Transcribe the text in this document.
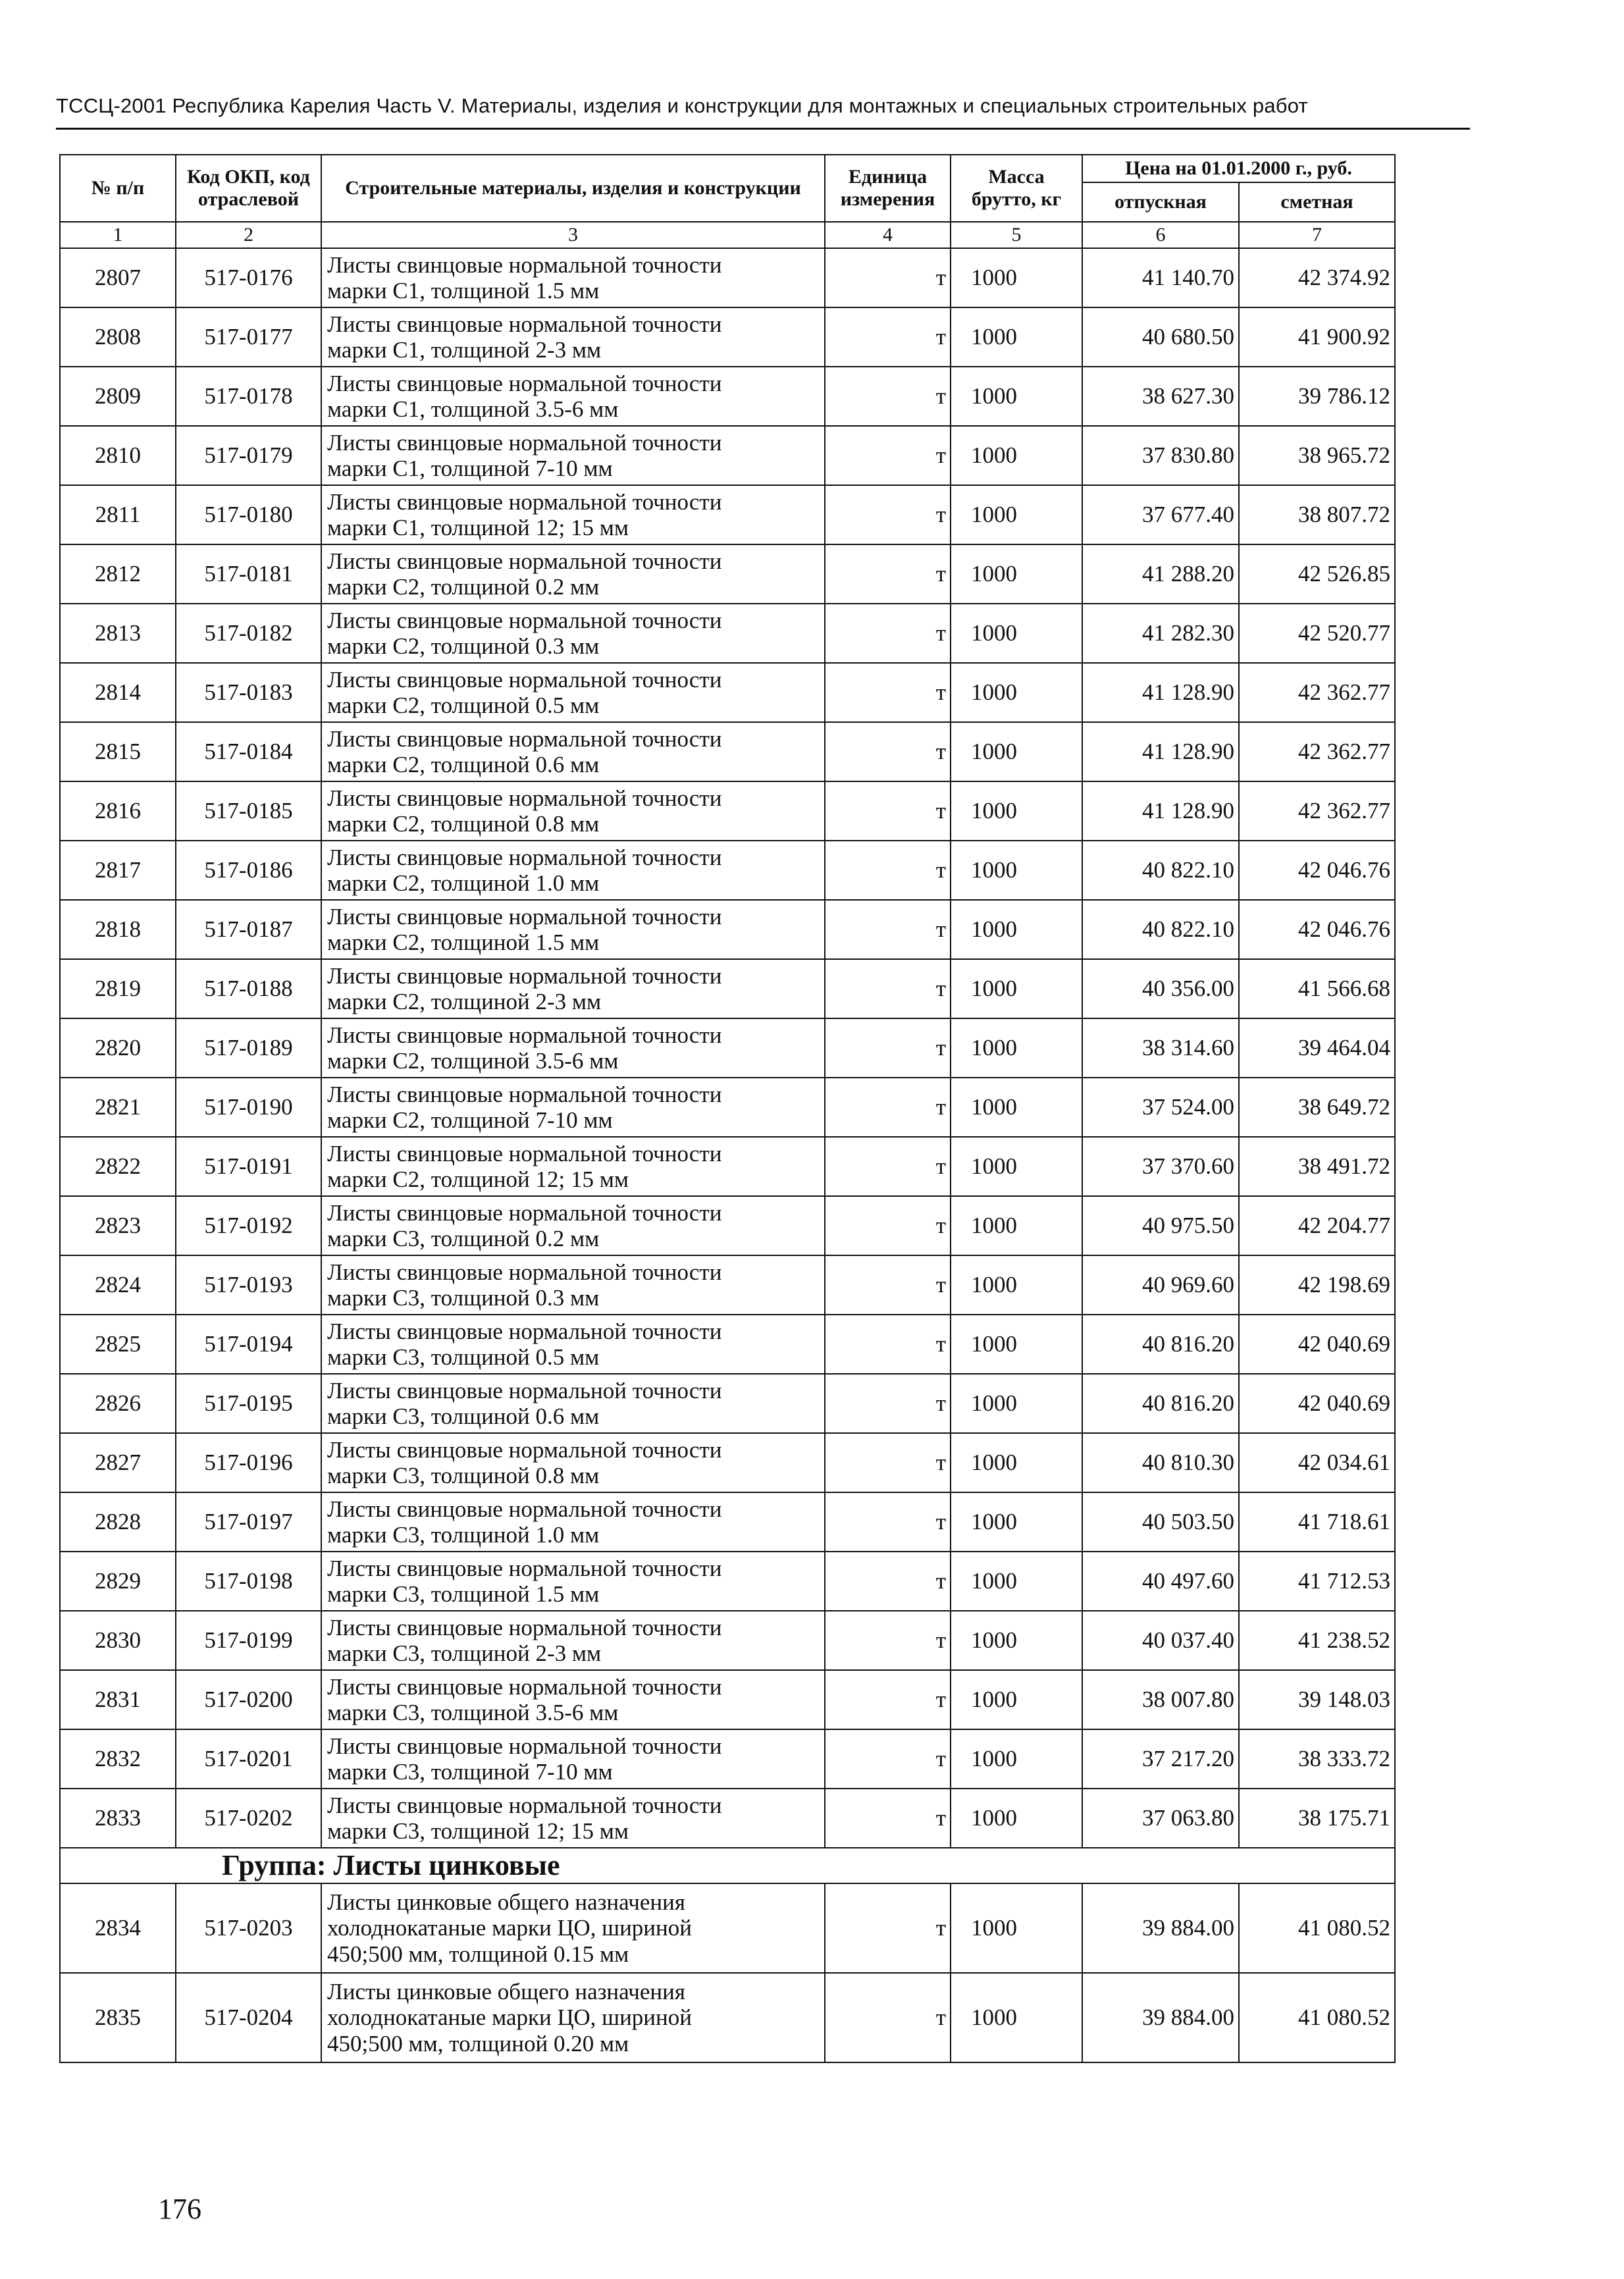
ТССЦ-2001 Республика Карелия Часть V. Материалы, изделия и конструкции для монтажных и специальных строительных работ
№ п/п	Код ОКП, код отраслевой	Строительные материалы, изделия и конструкции	Единица измерения	Масса брутто, кг	Цена на 01.01.2000 г., руб.	
					отпускная	сметная
1	2	3	4	5	6	7
2807	517-0176	Листы свинцовые нормальной точности
марки С1, толщиной 1.5 мм	т	1000	41 140.70	42 374.92
2808	517-0177	Листы свинцовые нормальной точности
марки С1, толщиной 2-3 мм	т	1000	40 680.50	41 900.92
2809	517-0178	Листы свинцовые нормальной точности
марки С1, толщиной 3.5-6 мм	т	1000	38 627.30	39 786.12
2810	517-0179	Листы свинцовые нормальной точности
марки С1, толщиной 7-10 мм	т	1000	37 830.80	38 965.72
2811	517-0180	Листы свинцовые нормальной точности
марки С1, толщиной 12; 15 мм	т	1000	37 677.40	38 807.72
2812	517-0181	Листы свинцовые нормальной точности
марки С2, толщиной 0.2 мм	т	1000	41 288.20	42 526.85
2813	517-0182	Листы свинцовые нормальной точности
марки С2, толщиной 0.3 мм	т	1000	41 282.30	42 520.77
2814	517-0183	Листы свинцовые нормальной точности
марки С2, толщиной 0.5 мм	т	1000	41 128.90	42 362.77
2815	517-0184	Листы свинцовые нормальной точности
марки С2, толщиной 0.6 мм	т	1000	41 128.90	42 362.77
2816	517-0185	Листы свинцовые нормальной точности
марки С2, толщиной 0.8 мм	т	1000	41 128.90	42 362.77
2817	517-0186	Листы свинцовые нормальной точности
марки С2, толщиной 1.0 мм	т	1000	40 822.10	42 046.76
2818	517-0187	Листы свинцовые нормальной точности
марки С2, толщиной 1.5 мм	т	1000	40 822.10	42 046.76
2819	517-0188	Листы свинцовые нормальной точности
марки С2, толщиной 2-3 мм	т	1000	40 356.00	41 566.68
2820	517-0189	Листы свинцовые нормальной точности
марки С2, толщиной 3.5-6 мм	т	1000	38 314.60	39 464.04
2821	517-0190	Листы свинцовые нормальной точности
марки С2, толщиной 7-10 мм	т	1000	37 524.00	38 649.72
2822	517-0191	Листы свинцовые нормальной точности
марки С2, толщиной 12; 15 мм	т	1000	37 370.60	38 491.72
2823	517-0192	Листы свинцовые нормальной точности
марки С3, толщиной 0.2 мм	т	1000	40 975.50	42 204.77
2824	517-0193	Листы свинцовые нормальной точности
марки С3, толщиной 0.3 мм	т	1000	40 969.60	42 198.69
2825	517-0194	Листы свинцовые нормальной точности
марки С3, толщиной 0.5 мм	т	1000	40 816.20	42 040.69
2826	517-0195	Листы свинцовые нормальной точности
марки С3, толщиной 0.6 мм	т	1000	40 816.20	42 040.69
2827	517-0196	Листы свинцовые нормальной точности
марки С3, толщиной 0.8 мм	т	1000	40 810.30	42 034.61
2828	517-0197	Листы свинцовые нормальной точности
марки С3, толщиной 1.0 мм	т	1000	40 503.50	41 718.61
2829	517-0198	Листы свинцовые нормальной точности
марки С3, толщиной 1.5 мм	т	1000	40 497.60	41 712.53
2830	517-0199	Листы свинцовые нормальной точности
марки С3, толщиной 2-3 мм	т	1000	40 037.40	41 238.52
2831	517-0200	Листы свинцовые нормальной точности
марки С3, толщиной 3.5-6 мм	т	1000	38 007.80	39 148.03
2832	517-0201	Листы свинцовые нормальной точности
марки С3, толщиной 7-10 мм	т	1000	37 217.20	38 333.72
2833	517-0202	Листы свинцовые нормальной точности
марки С3, толщиной 12; 15 мм	т	1000	37 063.80	38 175.71
Группа: Листы цинковые						
2834	517-0203	Листы цинковые общего назначения
холоднокатаные марки ЦО, шириной
450;500 мм, толщиной 0.15 мм	т	1000	39 884.00	41 080.52
2835	517-0204	Листы цинковые общего назначения
холоднокатаные марки ЦО, шириной
450;500 мм, толщиной 0.20 мм	т	1000	39 884.00	41 080.52
176
